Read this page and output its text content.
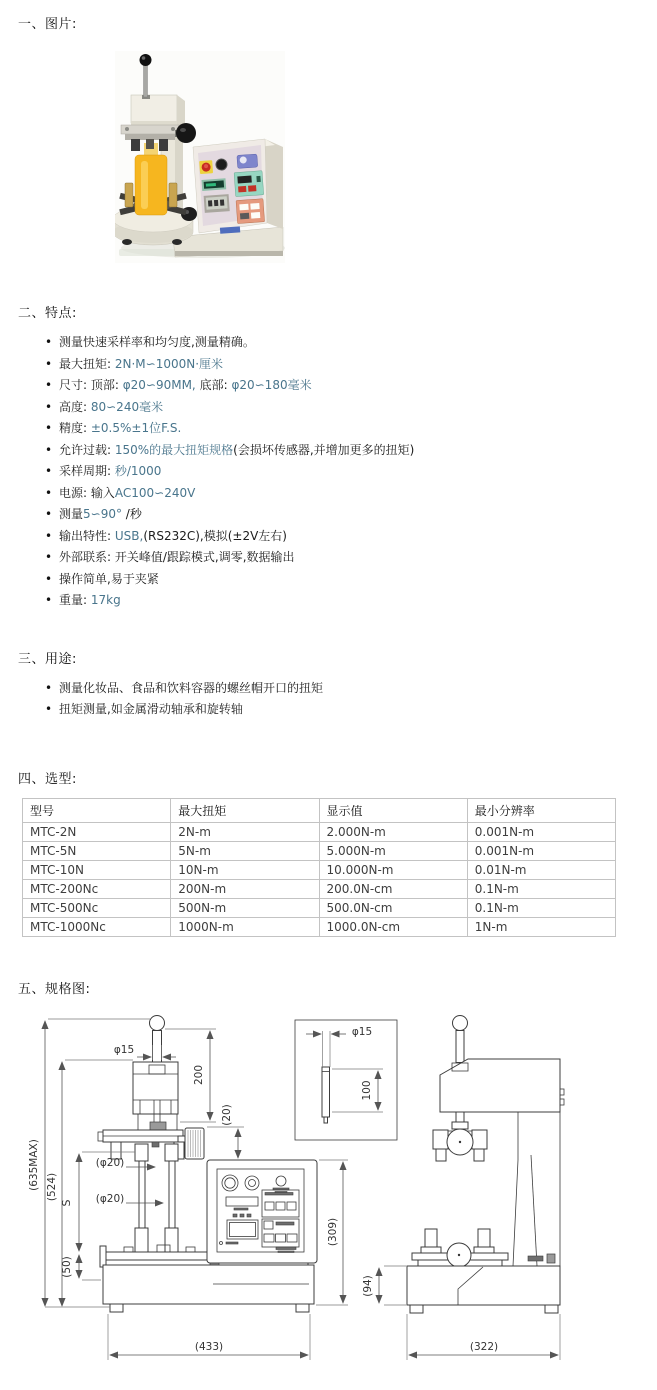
一、图片:
二、特点:
• 测量快速采样率和均匀度,测量精确。
• 最大扭矩: 2N·M∽1000N·厘米
• 尺寸: 顶部: φ20∽90MM, 底部: φ20∽180毫米
• 高度: 80∽240毫米
• 精度: ±0.5%±1位F.S.
• 允许过载: 150%的最大扭矩规格(会损坏传感器,并增加更多的扭矩)
• 采样周期: 秒/1000
• 电源: 输入AC100∽240V
• 测量5∽90° /秒
• 输出特性: USB,(RS232C),模拟(±2V左右)
• 外部联系: 开关峰值/跟踪模式,调零,数据输出
• 操作简单,易于夹紧
• 重量: 17kg
三、用途:
• 测量化妆品、食品和饮料容器的螺丝帽开口的扭矩
• 扭矩测量,如金属滑动轴承和旋转轴
四、选型:
型号	最大扭矩	显示值	最小分辨率
MTC-2N	2N-m	2.000N-m	0.001N-m
MTC-5N	5N-m	5.000N-m	0.001N-m
MTC-10N	10N-m	10.000N-m	0.01N-m
MTC-200Nc	200N-m	200.0N-cm	0.1N-m
MTC-500Nc	500N-m	500.0N-cm	0.1N-m
MTC-1000Nc	1000N-m	1000.0N-cm	1N-m
五、规格图:
(635MAX) (524)
S
(50)
φ15
200
(20)
(φ20)
(φ20)
(433)
(309)
φ15
100
(94)
(322)
